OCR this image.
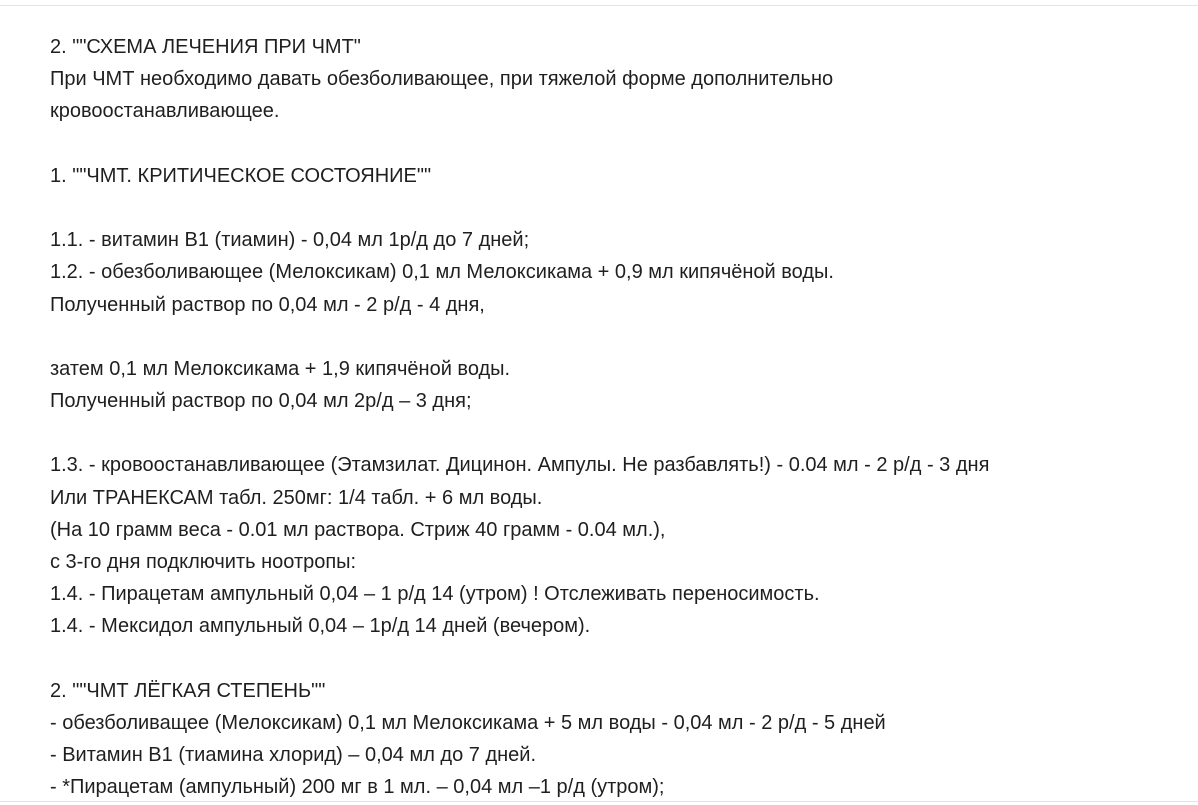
2. ""СХЕМА ЛЕЧЕНИЯ ПРИ ЧМТ"
При ЧМТ необходимо давать обезболивающее, при тяжелой форме дополнительно
кровоостанавливающее.
1. ""ЧМТ. КРИТИЧЕСКОЕ СОСТОЯНИЕ""
1.1. - витамин В1 (тиамин) - 0,04 мл 1р/д до 7 дней;
1.2. - обезболивающее (Мелоксикам) 0,1 мл Мелоксикама + 0,9 мл кипячёной воды.
Полученный раствор по 0,04 мл - 2 р/д - 4 дня,
затем 0,1 мл Мелоксикама + 1,9 кипячёной воды.
Полученный раствор по 0,04 мл 2р/д – 3 дня;
1.3. - кровоостанавливающее (Этамзилат. Дицинон. Ампулы. Не разбавлять!) - 0.04 мл - 2 р/д - 3 дня
Или ТРАНЕКСАМ табл. 250мг: 1/4 табл. + 6 мл воды.
(На 10 грамм веса - 0.01 мл раствора. Стриж 40 грамм - 0.04 мл.),
с 3-го дня подключить ноотропы:
1.4. - Пирацетам ампульный 0,04 – 1 р/д 14 (утром) ! Отслеживать переносимость.
1.4. - Мексидол ампульный 0,04 – 1р/д 14 дней (вечером).
2. ""ЧМТ ЛЁГКАЯ СТЕПЕНЬ""
- обезболиващее (Мелоксикам) 0,1 мл Мелоксикама + 5 мл воды - 0,04 мл - 2 р/д - 5 дней
- Витамин В1 (тиамина хлорид) – 0,04 мл до 7 дней.
- *Пирацетам (ампульный) 200 мг в 1 мл. – 0,04 мл –1 р/д (утром);
